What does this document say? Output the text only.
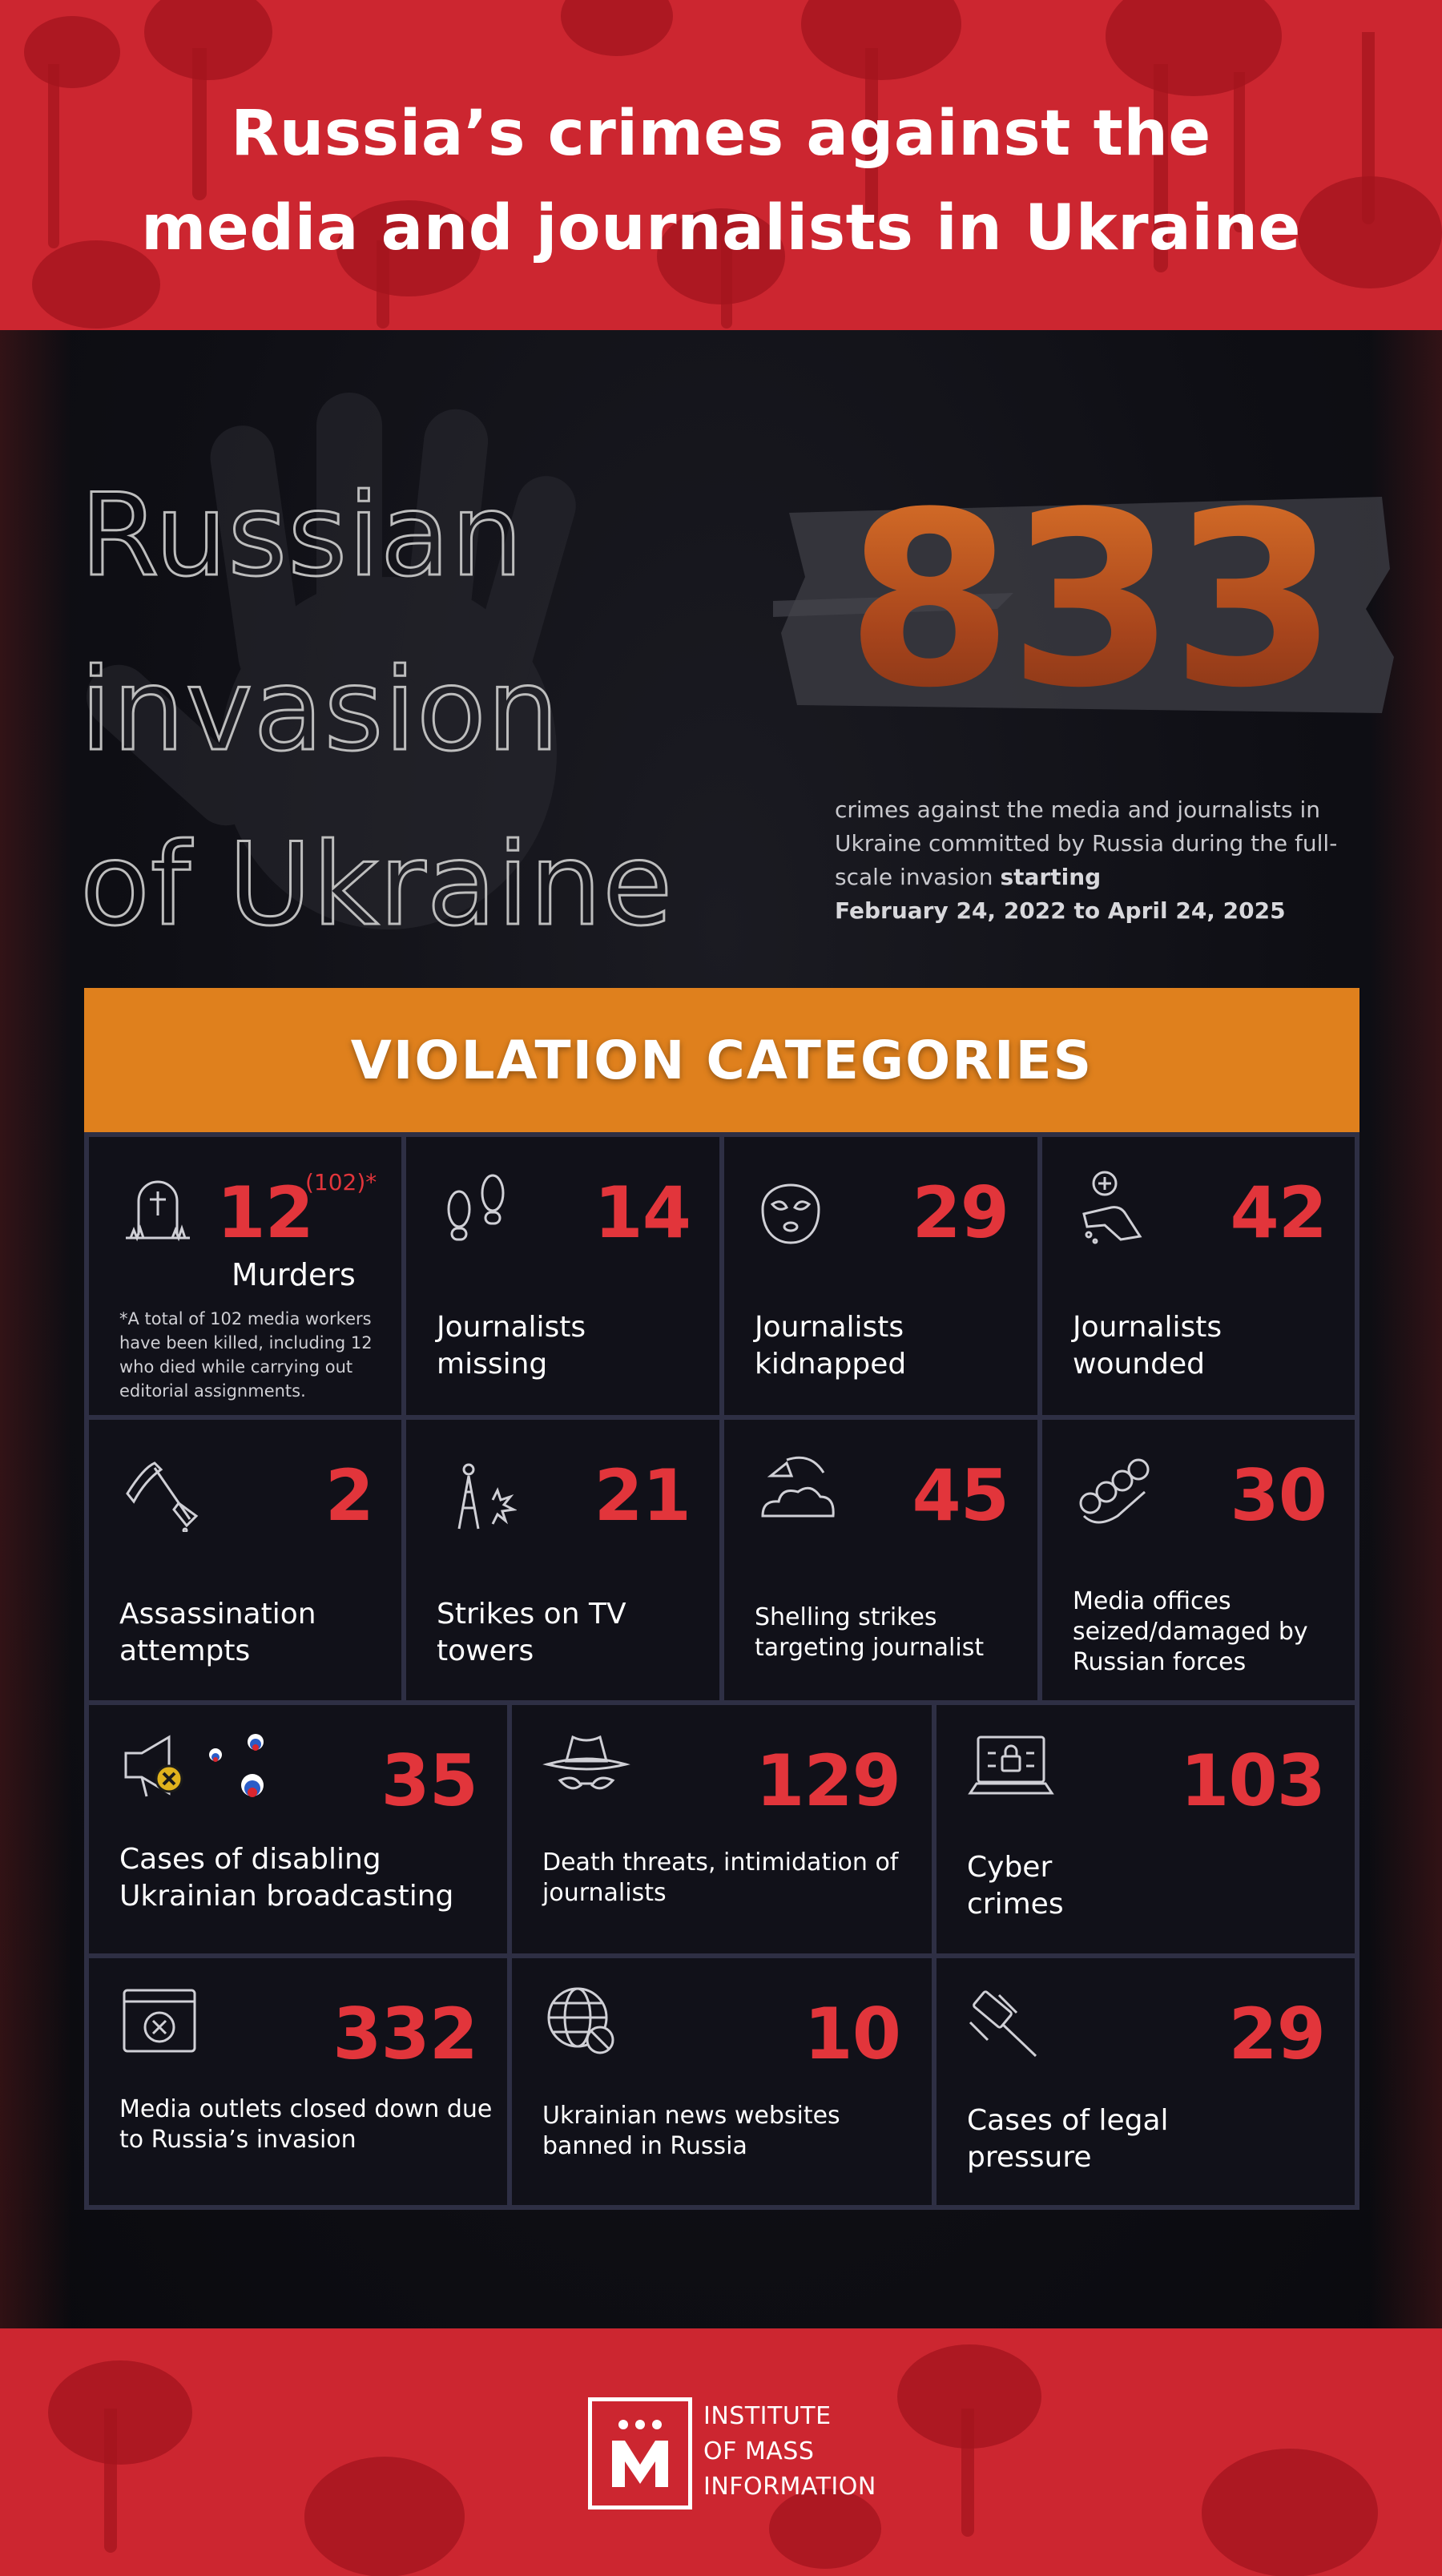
Russia’s crimes against the
media and journalists in Ukraine
Russian
invasion
of Ukraine
833
crimes against the media and journalists in Ukraine committed by Russia during the full-scale invasion starting
February 24, 2022 to April 24, 2025
VIOLATION CATEGORIES
12
(102)*
Murders
*A total of 102 media workers have been killed, including 12 who died while carrying out editorial assignments.
14
Journalists missing
29
Journalists kidnapped
42
Journalists wounded
2
Assassination attempts
21
Strikes on TV towers
45
Shelling strikes targeting journalist
30
Media offices seized/damaged by Russian forces
35
Cases of disabling Ukrainian broadcasting
129
Death threats, intimidation of journalists
103
Cyber crimes
332
Media outlets closed down due to Russia’s invasion
10
Ukrainian news websites banned in Russia
29
Cases of legal pressure
INSTITUTE
OF MASS
INFORMATION
